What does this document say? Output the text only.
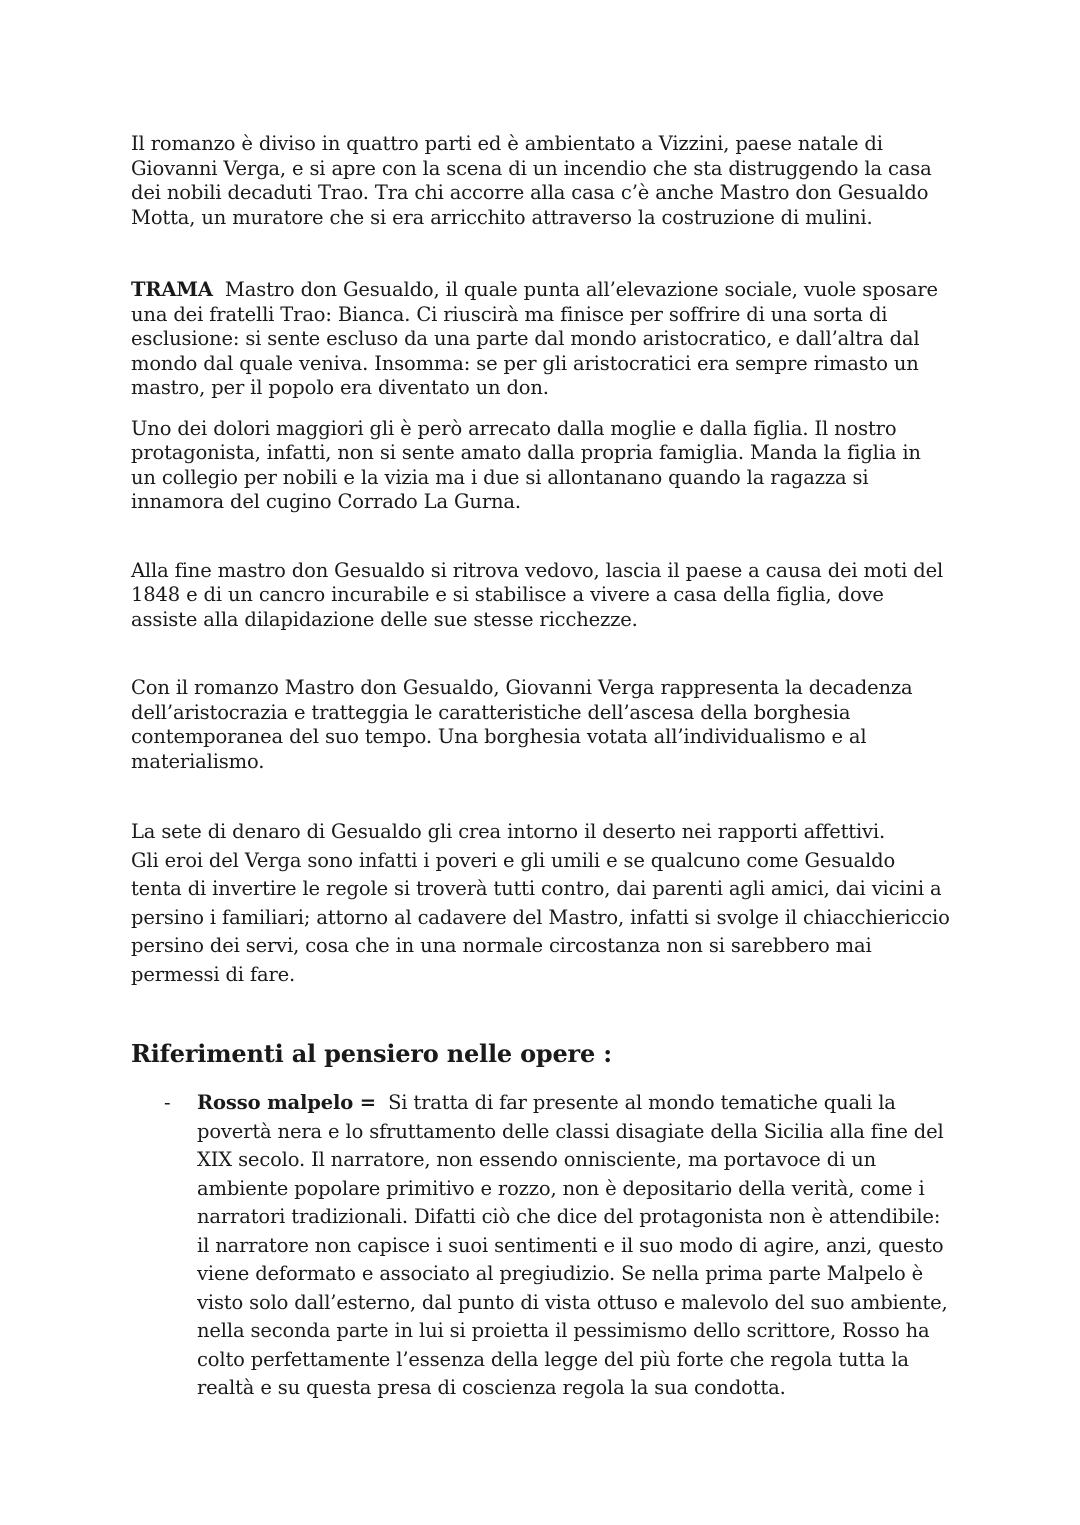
Il romanzo è diviso in quattro parti ed è ambientato a Vizzini, paese natale di Giovanni Verga, e si apre con la scena di un incendio che sta distruggendo la casa dei nobili decaduti Trao. Tra chi accorre alla casa c’è anche Mastro don Gesualdo Motta, un muratore che si era arricchito attraverso la costruzione di mulini.

TRAMA Mastro don Gesualdo, il quale punta all’elevazione sociale, vuole sposare una dei fratelli Trao: Bianca. Ci riuscirà ma finisce per soffrire di una sorta di esclusione: si sente escluso da una parte dal mondo aristocratico, e dall’altra dal mondo dal quale veniva. Insomma: se per gli aristocratici era sempre rimasto un mastro, per il popolo era diventato un don.

Uno dei dolori maggiori gli è però arrecato dalla moglie e dalla figlia. Il nostro protagonista, infatti, non si sente amato dalla propria famiglia. Manda la figlia in un collegio per nobili e la vizia ma i due si allontanano quando la ragazza si innamora del cugino Corrado La Gurna.

Alla fine mastro don Gesualdo si ritrova vedovo, lascia il paese a causa dei moti del 1848 e di un cancro incurabile e si stabilisce a vivere a casa della figlia, dove assiste alla dilapidazione delle sue stesse ricchezze.

Con il romanzo Mastro don Gesualdo, Giovanni Verga rappresenta la decadenza dell’aristocrazia e tratteggia le caratteristiche dell’ascesa della borghesia contemporanea del suo tempo. Una borghesia votata all’individualismo e al materialismo.

La sete di denaro di Gesualdo gli crea intorno il deserto nei rapporti affettivi.
Gli eroi del Verga sono infatti i poveri e gli umili e se qualcuno come Gesualdo tenta di invertire le regole si troverà tutti contro, dai parenti agli amici, dai vicini a persino i familiari; attorno al cadavere del Mastro, infatti si svolge il chiacchiericcio persino dei servi, cosa che in una normale circostanza non si sarebbero mai permessi di fare.

Riferimenti al pensiero nelle opere :
- Rosso malpelo = Si tratta di far presente al mondo tematiche quali la povertà nera e lo sfruttamento delle classi disagiate della Sicilia alla fine del XIX secolo. Il narratore, non essendo onnisciente, ma portavoce di un ambiente popolare primitivo e rozzo, non è depositario della verità, come i narratori tradizionali. Difatti ciò che dice del protagonista non è attendibile: il narratore non capisce i suoi sentimenti e il suo modo di agire, anzi, questo viene deformato e associato al pregiudizio. Se nella prima parte Malpelo è visto solo dall’esterno, dal punto di vista ottuso e malevolo del suo ambiente, nella seconda parte in lui si proietta il pessimismo dello scrittore, Rosso ha colto perfettamente l’essenza della legge del più forte che regola tutta la realtà e su questa presa di coscienza regola la sua condotta.
